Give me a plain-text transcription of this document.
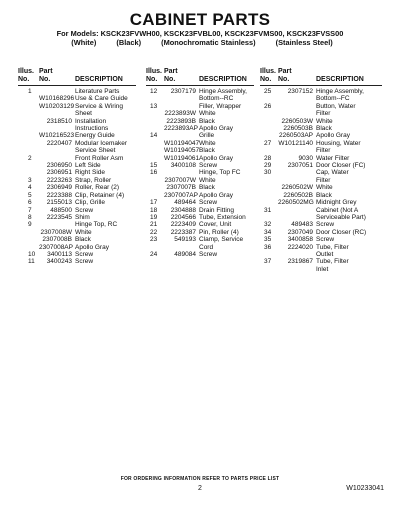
CABINET PARTS
For Models: KSCK23FVWH00, KSCK23FVBL00, KSCK23FVMS00, KSCK23FVSS00
(White)	(Black)	(Monochromatic Stainless)	(Stainless Steel)
Illus.
No.
Part
No.	DESCRIPTION
1	Literature Parts
W10168296 Use & Care Guide
W10203129 Service & Wiring
Sheet
2318510 Installation
Instructions
W10216523 Energy Guide
2220407 Modular Icemaker
Service Sheet
2	Front Roller Asm
2306950 Left Side
2306951 Right Side
3	2223263 Strap, Roller
4	2306949 Roller, Rear (2)
5	2223388 Clip, Retainer (4)
6	2155013 Clip, Grille
7	488500 Screw
8	2223545 Shim
9	Hinge Top, RC
2307008W White
2307008B Black
2307008AP Apollo Gray
10	3400113 Screw
11	3400243 Screw
Illus.
No.
Part
No.	DESCRIPTION
12	2307179 Hinge Assembly,
Bottom--RC
13	Filler, Wrapper
2223893W White
2223893B Black
2223893AP Apollo Gray
14	Grille
W10194047 White
W10194057 Black
W10194061 Apollo Gray
15	3400108 Screw
16	Hinge, Top FC
2307007W White
2307007B Black
2307007AP Apollo Gray
17	489464 Screw
18	2304888 Drain Fitting
19	2204566 Tube, Extension
21	2223409 Cover, Unit
22	2223387 Pin, Roller (4)
23	549193 Clamp, Service
Cord
24	489084 Screw
Illus.
No.
Part
No.	DESCRIPTION
25	2307152 Hinge Assembly,
Bottom--FC
26	Button, Water
Filter
2260503W White
2260503B Black
2260503AP Apollo Gray
27	W10121140 Housing, Water
Filter
28	9030 Water Filter
29	2307051 Door Closer (FC)
30	Cap, Water
Filter
2260502W White
2260502B Black
2260502MG Midnight Grey
31	Cabinet (Not A
Serviceable Part)
32	489483 Screw
34	2307049 Door Closer (RC)
35	3400858 Screw
36	2224020 Tube, Filter
Outlet
37	2319867 Tube, Filter
Inlet
FOR ORDERING INFORMATION REFER TO PARTS PRICE LIST
2	W10233041
